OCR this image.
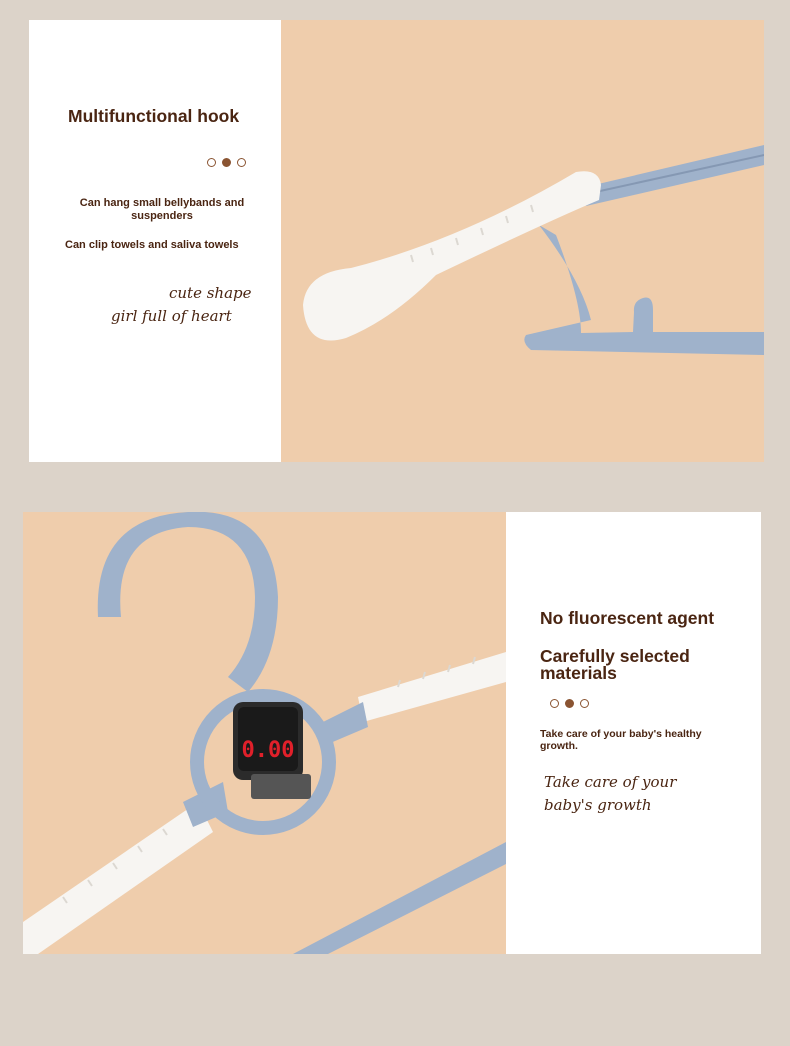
Multifunctional hook
Can hang small bellybands and suspenders
Can clip towels and saliva towels
cute shape
girl full of heart
0.00
No fluorescent agent
Carefully selected materials
Take care of your baby's healthy growth.
Take care of your
baby's growth
